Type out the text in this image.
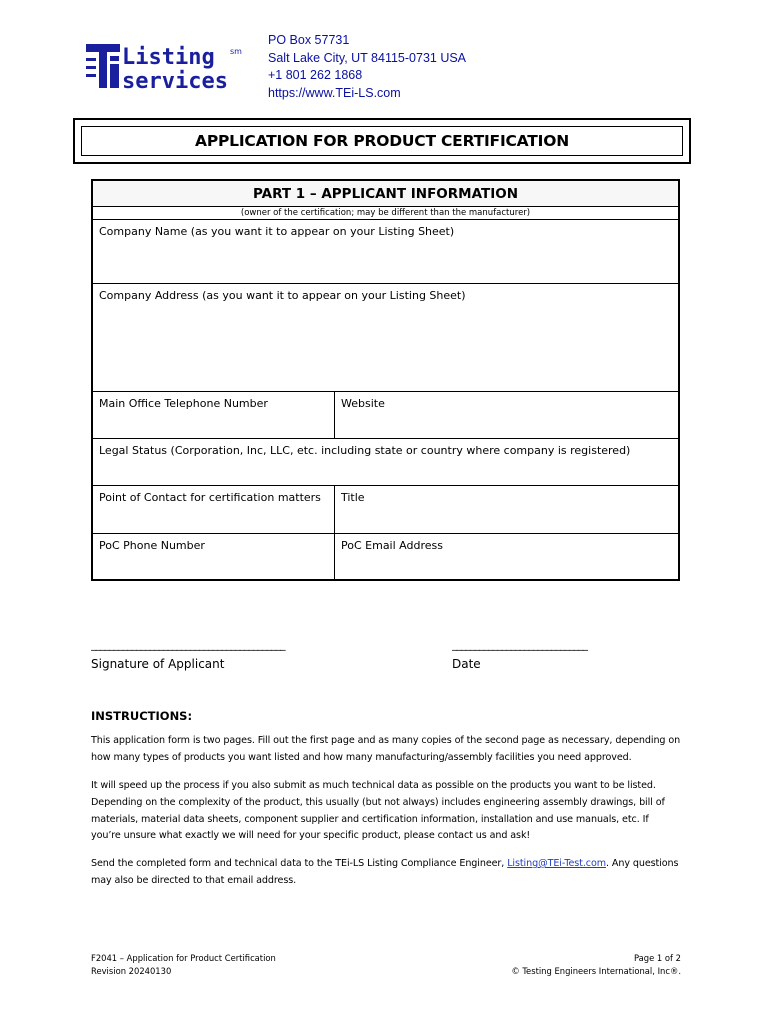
Listing
services
sm
PO Box 57731
Salt Lake City, UT 84115-0731 USA
+1 801 262 1868
https://www.TEi-LS.com
APPLICATION FOR PRODUCT CERTIFICATION
PART 1 – APPLICANT INFORMATION
(owner of the certification; may be different than the manufacturer)
Company Name (as you want it to appear on your Listing Sheet)
Company Address (as you want it to appear on your Listing Sheet)
Main Office Telephone Number	Website
Legal Status (Corporation, Inc, LLC, etc. including state or country where company is registered)
Point of Contact for certification matters	Title
PoC Phone Number	PoC Email Address
___________________________________________	______________________________
Signature of Applicant	Date
INSTRUCTIONS:
This application form is two pages. Fill out the first page and as many copies of the second page as necessary, depending on how many types of products you want listed and how many manufacturing/assembly facilities you need approved.
It will speed up the process if you also submit as much technical data as possible on the products you want to be listed. Depending on the complexity of the product, this usually (but not always) includes engineering assembly drawings, bill of materials, material data sheets, component supplier and certification information, installation and use manuals, etc. If you’re unsure what exactly we will need for your specific product, please contact us and ask!
Send the completed form and technical data to the TEi-LS Listing Compliance Engineer, Listing@TEi-Test.com. Any questions may also be directed to that email address.
F2041 – Application for Product Certification
Revision 20240130
Page 1 of 2
© Testing Engineers International, Inc®.
